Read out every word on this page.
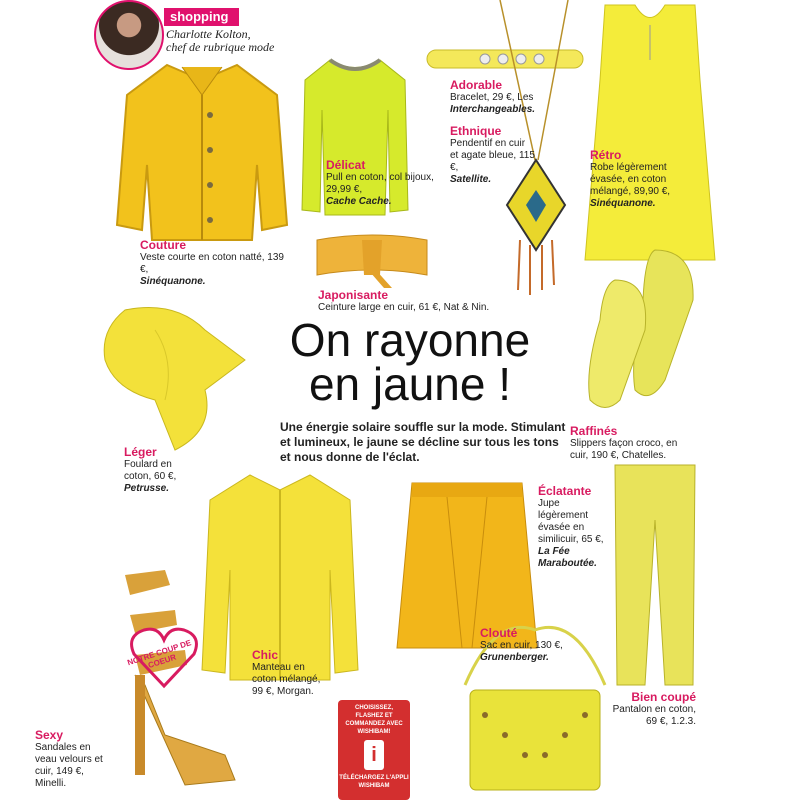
shopping
Charlotte Kolton,
chef de rubrique mode
On rayonne
en jaune !
Une énergie solaire souffle sur la mode. Stimulant et lumineux, le jaune se décline sur tous les tons et nous donne de l'éclat.
Couture
Veste courte en coton natté, 139 €,
Sinéquanone.
Délicat
Pull en coton, col bijoux, 29,99 €,
Cache Cache.
Adorable
Bracelet, 29 €, Les
Interchangeables.
Ethnique
Pendentif en cuir et agate bleue, 115 €,
Satellite.
Rétro
Robe légèrement évasée, en coton mélangé, 89,90 €,
Sinéquanone.
Japonisante
Ceinture large en cuir, 61 €, Nat & Nin.
Raffinés
Slippers façon croco, en cuir, 190 €, Chatelles.
Léger
Foulard en coton, 60 €,
Petrusse.	Éclatante
Jupe légèrement évasée en similicuir, 65 €,
La Fée Maraboutée.
Chic
Manteau en coton mélangé, 99 €, Morgan.
Clouté
Sac en cuir, 130 €,
Grunenberger.
Sexy
Sandales en veau velours et cuir, 149 €, Minelli.
Bien coupé
Pantalon en coton, 69 €, 1.2.3.
NOTRE COUP DE COEUR
CHOISISSEZ, FLASHEZ ET COMMANDEZ AVEC WISHIBAM!
i
TÉLÉCHARGEZ L'APPLI WISHIBAM
